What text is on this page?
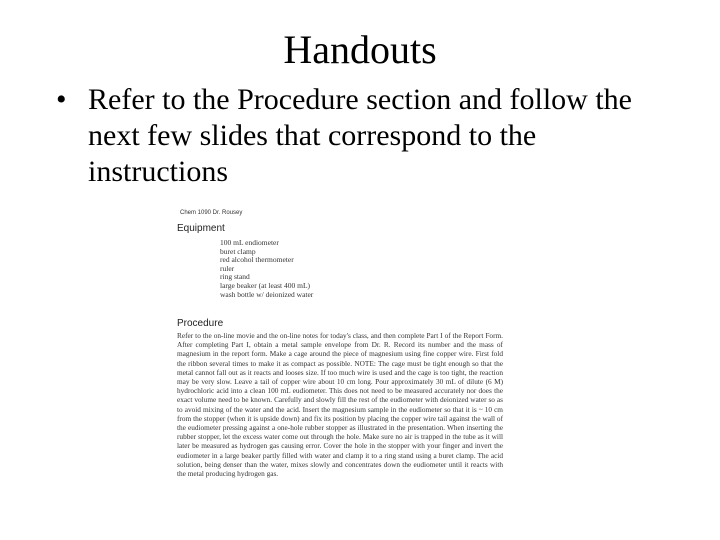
Handouts
• Refer to the Procedure section and follow the next few slides that correspond to the instructions
Chem 1090 Dr. Rousey
Equipment
100 mL endiometer
buret clamp
red alcohol thermometer
ruler
ring stand
large beaker (at least 400 mL)
wash bottle w/ deionized water
Procedure

Refer to the on-line movie and the on-line notes for today's class, and then complete Part I of the Report Form. After completing Part I, obtain a metal sample envelope from Dr. R. Record its number and the mass of magnesium in the report form. Make a cage around the piece of magnesium using fine copper wire. First fold the ribbon several times to make it as compact as possible. NOTE: The cage must be tight enough so that the metal cannot fall out as it reacts and looses size. If too much wire is used and the cage is too tight, the reaction may be very slow. Leave a tail of copper wire about 10 cm long. Pour approximately 30 mL of dilute (6 M) hydrochloric acid into a clean 100 mL eudiometer. This does not need to be measured accurately nor does the exact volume need to be known. Carefully and slowly fill the rest of the eudiometer with deionized water so as to avoid mixing of the water and the acid. Insert the magnesium sample in the eudiometer so that it is ~ 10 cm from the stopper (when it is upside down) and fix its position by placing the copper wire tail against the wall of the eudiometer pressing against a one-hole rubber stopper as illustrated in the presentation. When inserting the rubber stopper, let the excess water come out through the hole. Make sure no air is trapped in the tube as it will later be measured as hydrogen gas causing error. Cover the hole in the stopper with your finger and invert the eudiometer in a large beaker partly filled with water and clamp it to a ring stand using a buret clamp. The acid solution, being denser than the water, mixes slowly and concentrates down the eudiometer until it reacts with the metal producing hydrogen gas.
